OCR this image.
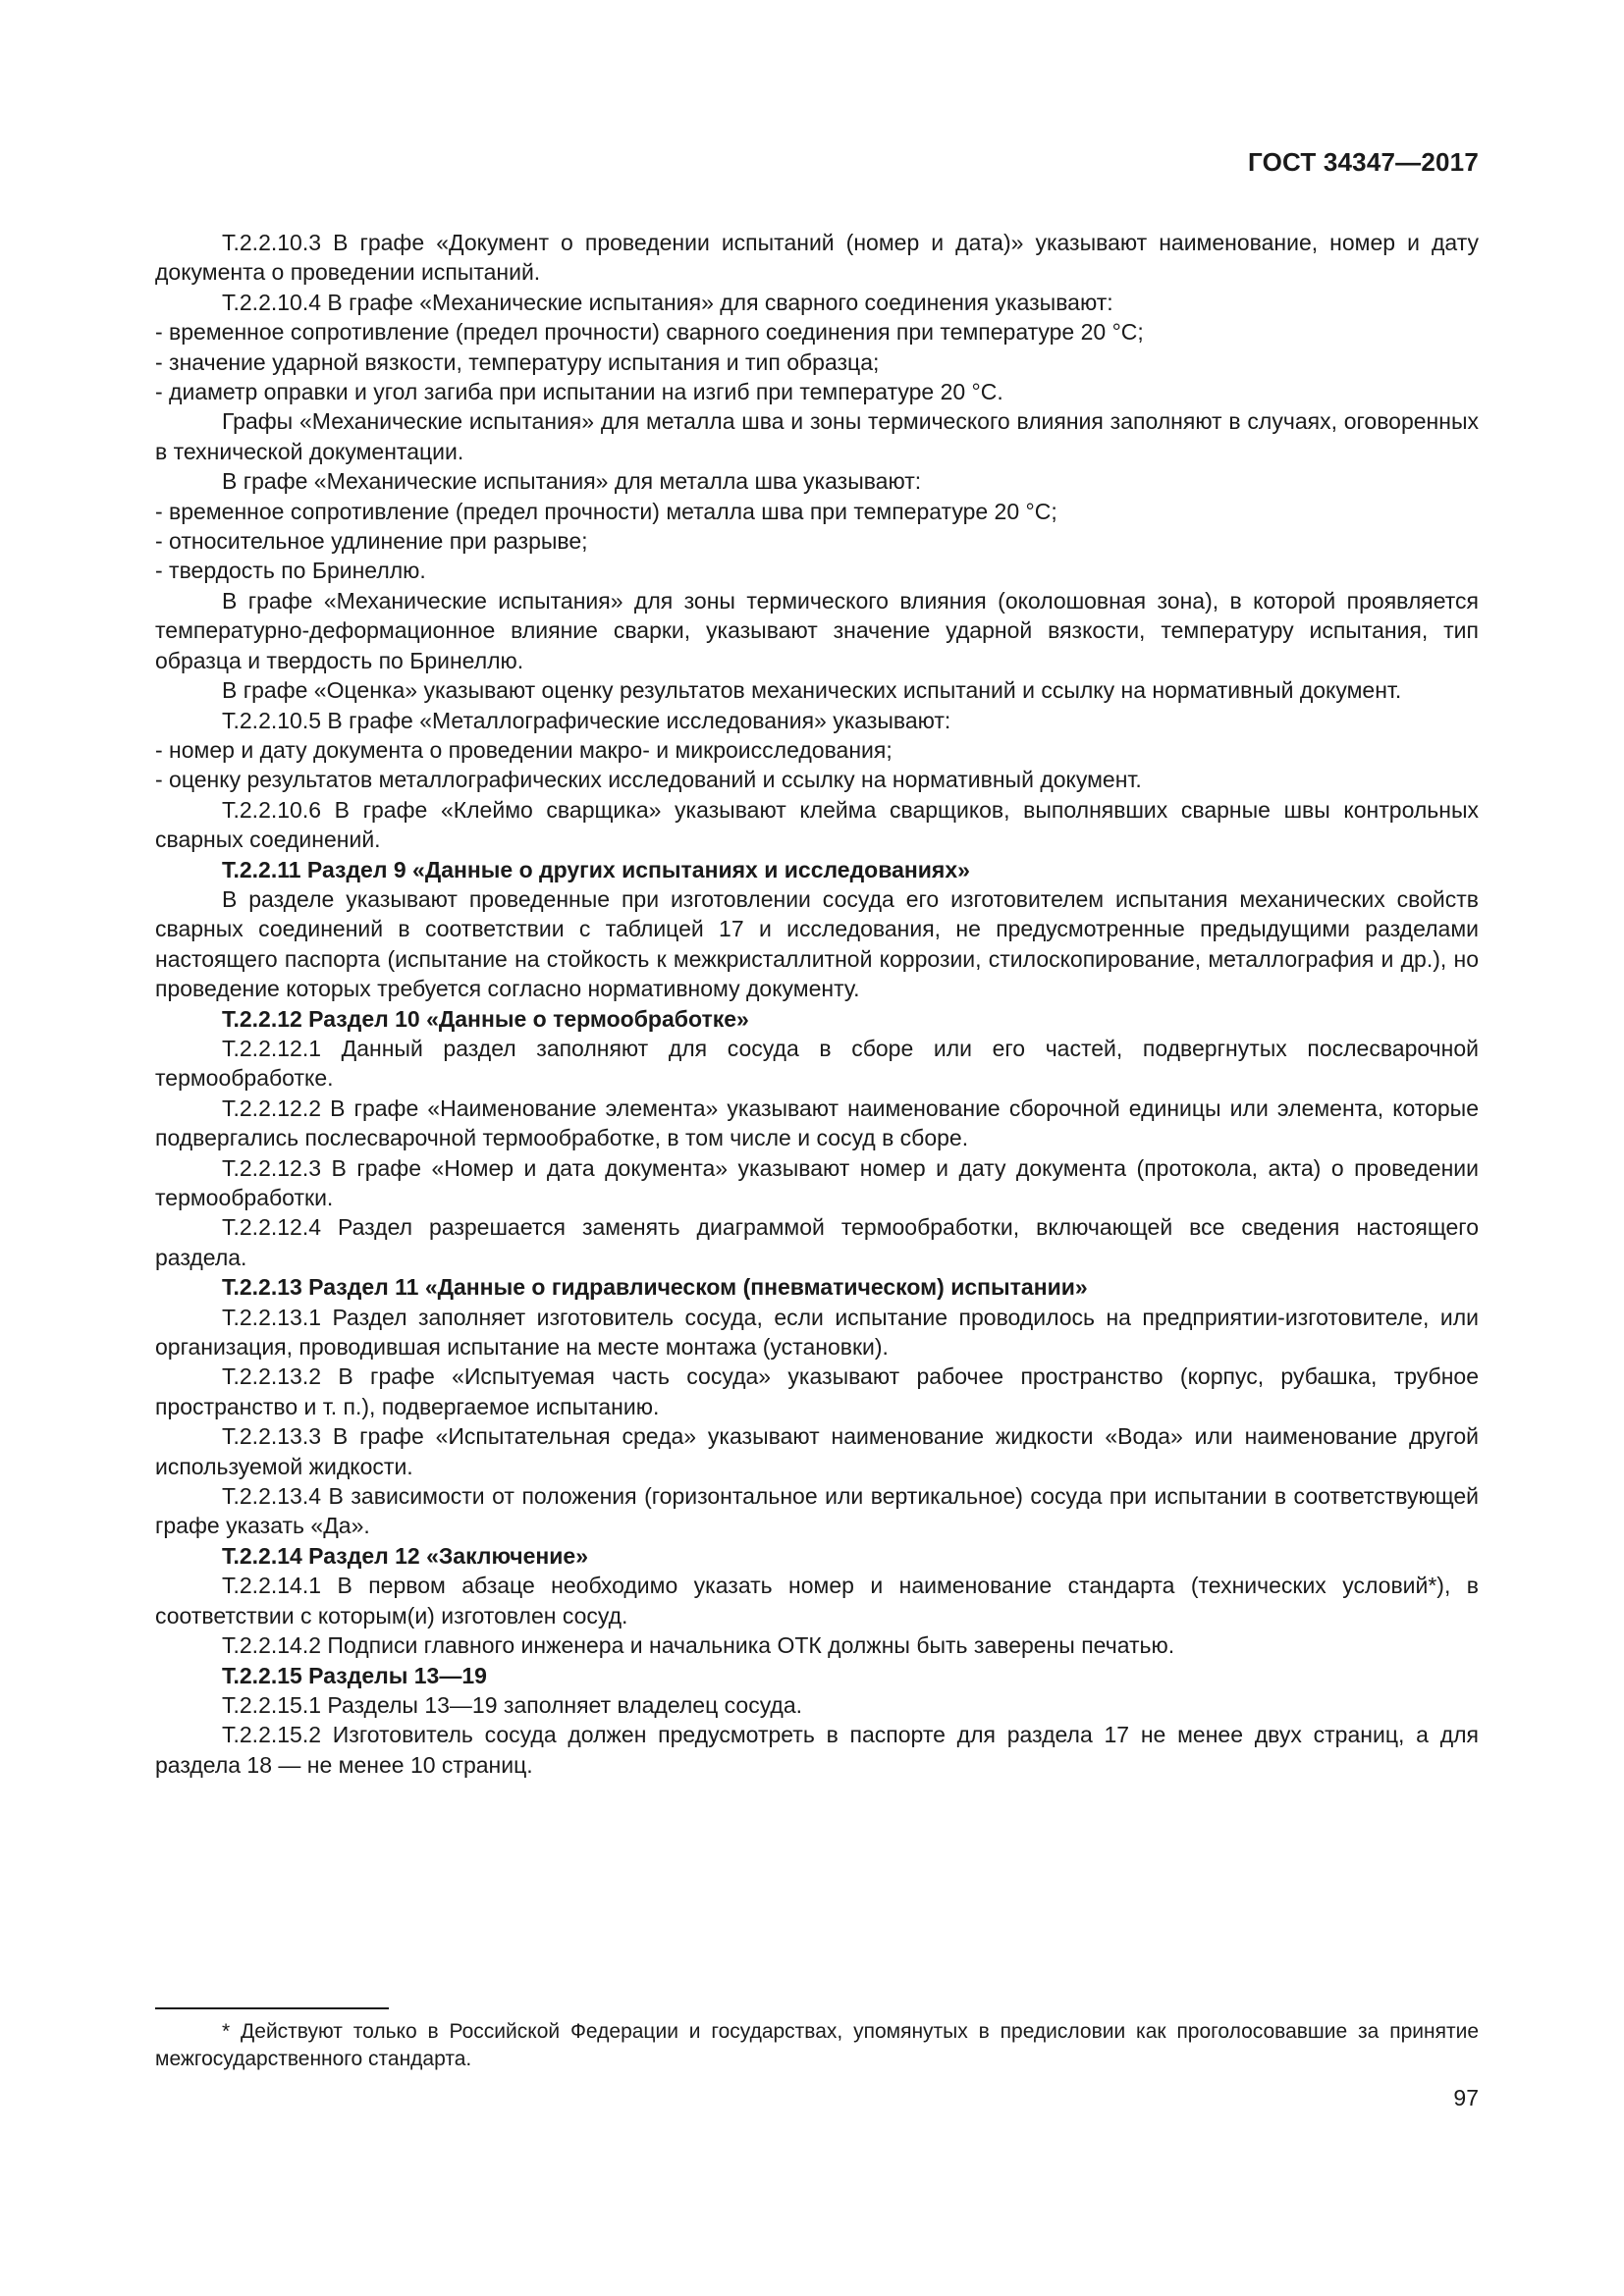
ГОСТ 34347—2017

Т.2.2.10.3 В графе «Документ о проведении испытаний (номер и дата)» указывают наименование, номер и дату документа о проведении испытаний.

Т.2.2.10.4 В графе «Механические испытания» для сварного соединения указывают:

- временное сопротивление (предел прочности) сварного соединения при температуре 20 °С;

- значение ударной вязкости, температуру испытания и тип образца;

- диаметр оправки и угол загиба при испытании на изгиб при температуре 20 °С.

Графы «Механические испытания» для металла шва и зоны термического влияния заполняют в случаях, оговоренных в технической документации.

В графе «Механические испытания» для металла шва указывают:

- временное сопротивление (предел прочности) металла шва при температуре 20 °С;

- относительное удлинение при разрыве;

- твердость по Бринеллю.

В графе «Механические испытания» для зоны термического влияния (околошовная зона), в которой проявляется температурно-деформационное влияние сварки, указывают значение ударной вязкости, температуру испытания, тип образца и твердость по Бринеллю.

В графе «Оценка» указывают оценку результатов механических испытаний и ссылку на нормативный документ.

Т.2.2.10.5 В графе «Металлографические исследования» указывают:

- номер и дату документа о проведении макро- и микроисследования;

- оценку результатов металлографических исследований и ссылку на нормативный документ.

Т.2.2.10.6 В графе «Клеймо сварщика» указывают клейма сварщиков, выполнявших сварные швы контрольных сварных соединений.

Т.2.2.11 Раздел 9 «Данные о других испытаниях и исследованиях»

В разделе указывают проведенные при изготовлении сосуда его изготовителем испытания механических свойств сварных соединений в соответствии с таблицей 17 и исследования, не предусмотренные предыдущими разделами настоящего паспорта (испытание на стойкость к межкристаллитной коррозии, стилоскопирование, металлография и др.), но проведение которых требуется согласно нормативному документу.

Т.2.2.12 Раздел 10 «Данные о термообработке»

Т.2.2.12.1 Данный раздел заполняют для сосуда в сборе или его частей, подвергнутых послесварочной термообработке.

Т.2.2.12.2 В графе «Наименование элемента» указывают наименование сборочной единицы или элемента, которые подвергались послесварочной термообработке, в том числе и сосуд в сборе.

Т.2.2.12.3 В графе «Номер и дата документа» указывают номер и дату документа (протокола, акта) о проведении термообработки.

Т.2.2.12.4 Раздел разрешается заменять диаграммой термообработки, включающей все сведения настоящего раздела.

Т.2.2.13 Раздел 11 «Данные о гидравлическом (пневматическом) испытании»

Т.2.2.13.1 Раздел заполняет изготовитель сосуда, если испытание проводилось на предприятии-изготовителе, или организация, проводившая испытание на месте монтажа (установки).

Т.2.2.13.2 В графе «Испытуемая часть сосуда» указывают рабочее пространство (корпус, рубашка, трубное пространство и т. п.), подвергаемое испытанию.

Т.2.2.13.3 В графе «Испытательная среда» указывают наименование жидкости «Вода» или наименование другой используемой жидкости.

Т.2.2.13.4 В зависимости от положения (горизонтальное или вертикальное) сосуда при испытании в соответствующей графе указать «Да».

Т.2.2.14 Раздел 12 «Заключение»

Т.2.2.14.1 В первом абзаце необходимо указать номер и наименование стандарта (технических условий*), в соответствии с которым(и) изготовлен сосуд.

Т.2.2.14.2 Подписи главного инженера и начальника ОТК должны быть заверены печатью.

Т.2.2.15 Разделы 13—19

Т.2.2.15.1 Разделы 13—19 заполняет владелец сосуда.

Т.2.2.15.2 Изготовитель сосуда должен предусмотреть в паспорте для раздела 17 не менее двух страниц, а для раздела 18 — не менее 10 страниц.

* Действуют только в Российской Федерации и государствах, упомянутых в предисловии как проголосовавшие за принятие межгосударственного стандарта.

97
